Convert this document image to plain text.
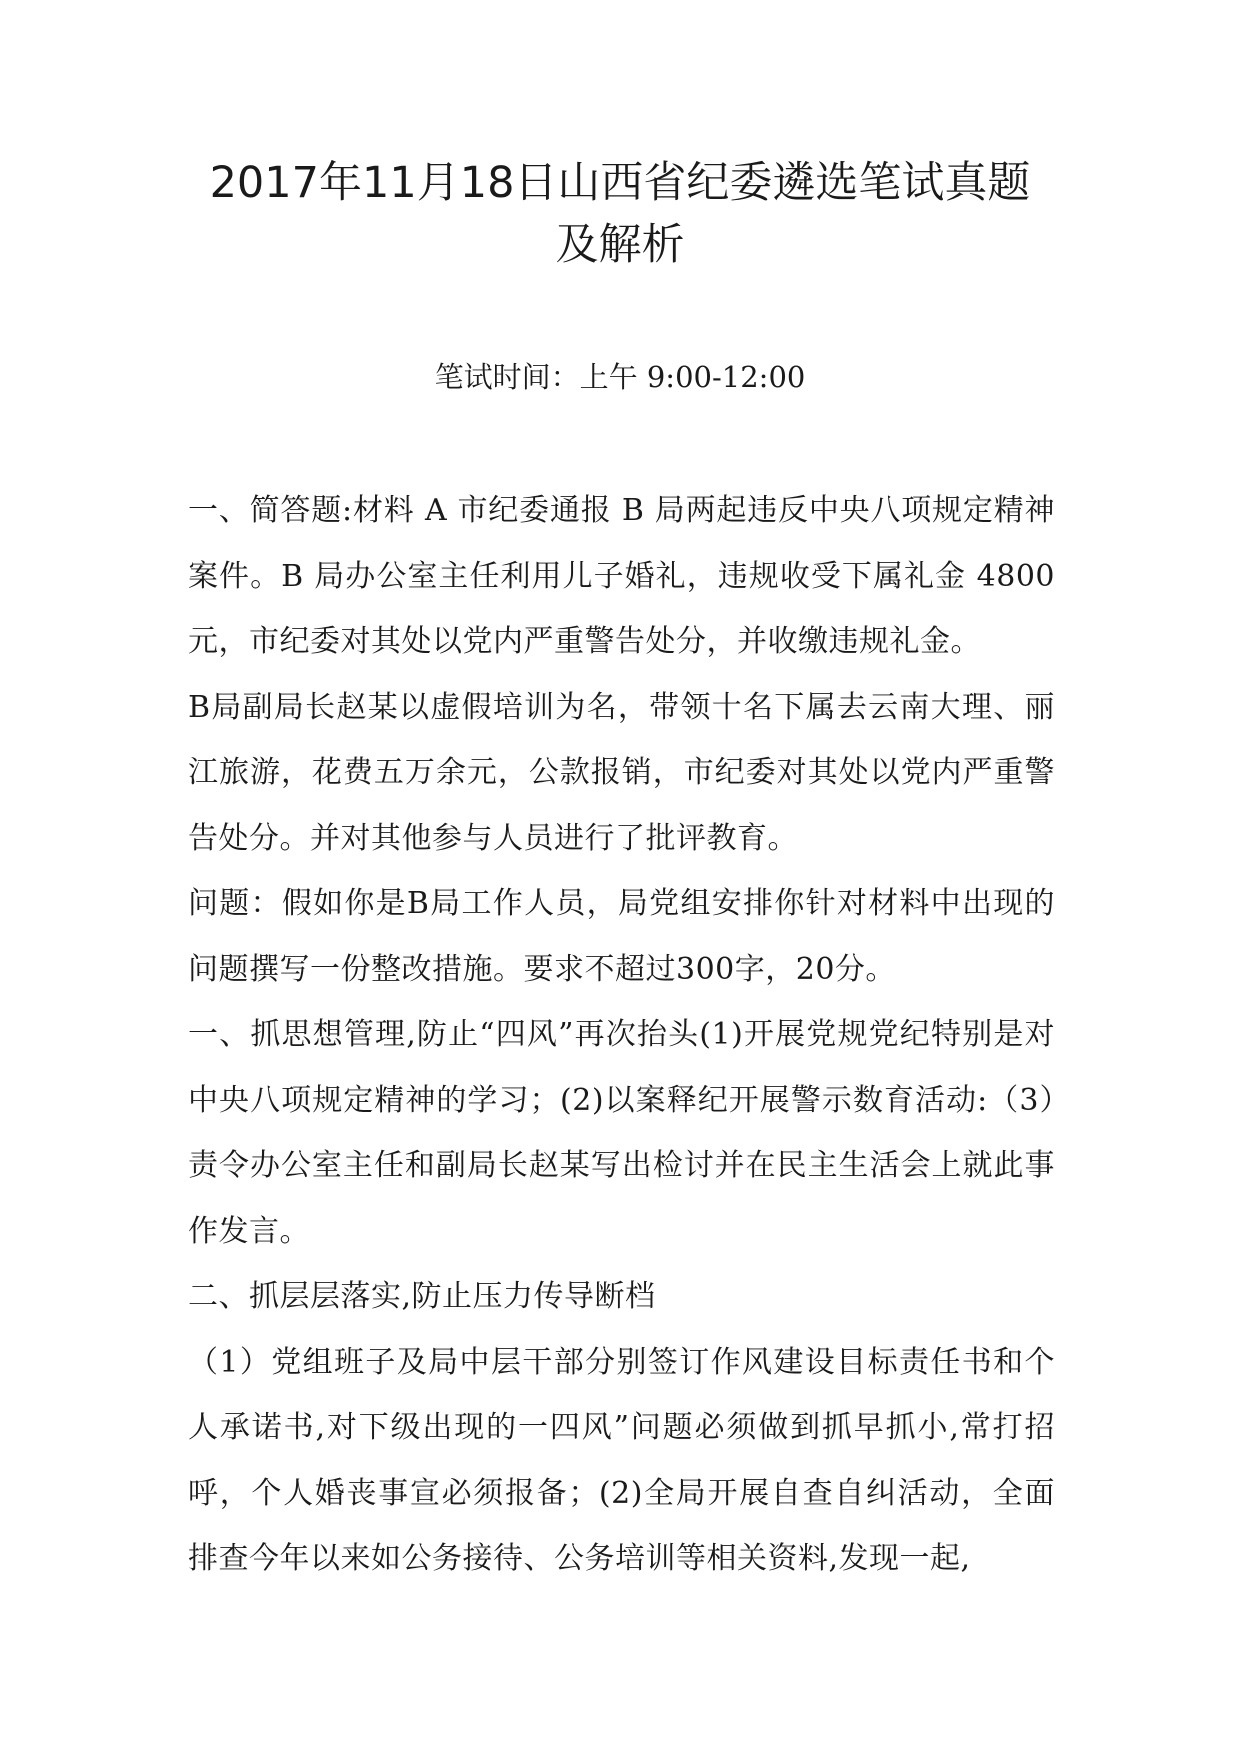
2017年11月18日山西省纪委遴选笔试真题
及解析
笔试时间：上午 9:00-12:00

一、简答题:材料 A 市纪委通报 B 局两起违反中央八项规定精神案件。B 局办公室主任利用儿子婚礼，违规收受下属礼金 4800元，市纪委对其处以党内严重警告处分，并收缴违规礼金。

B局副局长赵某以虚假培训为名，带领十名下属去云南大理、丽江旅游，花费五万余元，公款报销，市纪委对其处以党内严重警告处分。并对其他参与人员进行了批评教育。

问题：假如你是B局工作人员，局党组安排你针对材料中出现的问题撰写一份整改措施。要求不超过300字，20分。

一、抓思想管理,防止“四风”再次抬头(1)开展党规党纪特别是对中央八项规定精神的学习；(2)以案释纪开展警示数育活动:（3）责令办公室主任和副局长赵某写出检讨并在民主生活会上就此事作发言。

二、抓层层落实,防止压力传导断档

（1）党组班子及局中层干部分别签订作风建设目标责任书和个人承诺书,对下级出现的一四风”问题必须做到抓早抓小,常打招呼，个人婚丧事宣必须报备；(2)全局开展自查自纠活动，全面排查今年以来如公务接待、公务培训等相关资料,发现一起,
